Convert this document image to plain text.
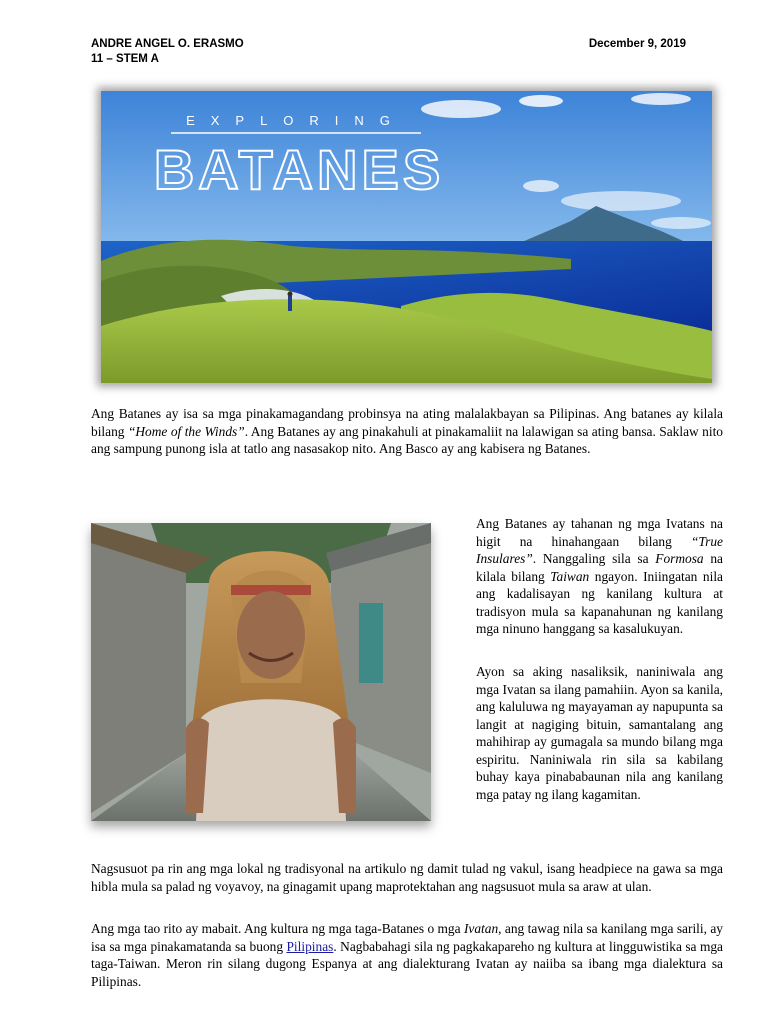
ANDRE ANGEL O. ERASMO
11 – STEM A
December 9, 2019
EXPLORING
BATANES

Ang Batanes ay isa sa mga pinakamagandang probinsya na ating malalakbayan sa Pilipinas. Ang batanes ay kilala bilang “Home of the Winds”. Ang Batanes ay ang pinakahuli at pinakamaliit na lalawigan sa ating bansa. Saklaw nito ang sampung punong isla at tatlo ang nasasakop nito. Ang Basco ay ang kabisera ng Batanes.

Ang Batanes ay tahanan ng mga Ivatans na higit na hinahangaan bilang “True Insulares”. Nanggaling sila sa Formosa na kilala bilang Taiwan ngayon. Iniingatan nila ang kadalisayan ng kanilang kultura at tradisyon mula sa kapanahunan ng kanilang mga ninuno hanggang sa kasalukuyan.

Ayon sa aking nasaliksik, naniniwala ang mga Ivatan sa ilang pamahiin. Ayon sa kanila, ang kaluluwa ng mayayaman ay napupunta sa langit at nagiging bituin, samantalang ang mahihirap ay gumagala sa mundo bilang mga espiritu. Naniniwala rin sila sa kabilang buhay kaya pinababaunan nila ang kanilang mga patay ng ilang kagamitan.

Nagsusuot pa rin ang mga lokal ng tradisyonal na artikulo ng damit tulad ng vakul, isang headpiece na gawa sa mga hibla mula sa palad ng voyavoy, na ginagamit upang maprotektahan ang nagsusuot mula sa araw at ulan.

Ang mga tao rito ay mabait. Ang kultura ng mga taga-Batanes o mga Ivatan, ang tawag nila sa kanilang mga sarili, ay isa sa mga pinakamatanda sa buong Pilipinas. Nagbabahagi sila ng pagkakapareho ng kultura at lingguwistika sa mga taga-Taiwan. Meron rin silang dugong Espanya at ang dialekturang Ivatan ay naiiba sa ibang mga dialektura sa Pilipinas.
